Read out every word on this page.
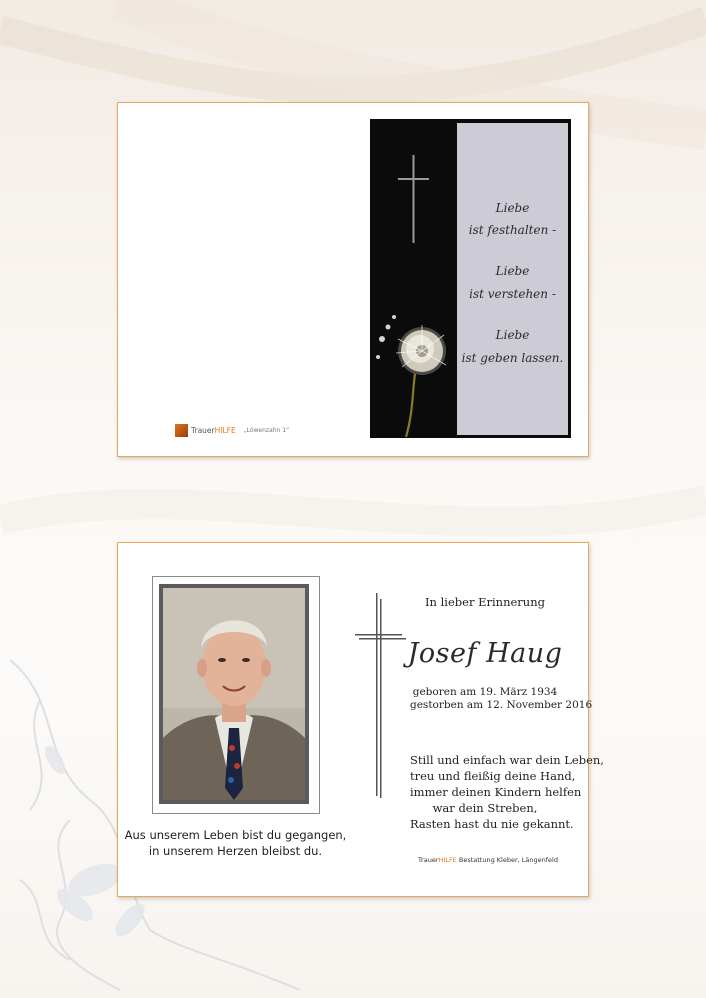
Liebe
ist festhalten -
Liebe
ist verstehen -
Liebe
ist geben lassen.
TrauerHILFE „Löwenzahn 1“
Aus unserem Leben bist du gegangen,
in unserem Herzen bleibst du.
In lieber Erinnerung
Josef Haug
geboren am 19. März 1934
gestorben am 12. November 2016
Still und einfach war dein Leben,
treu und fleißig deine Hand,
immer deinen Kindern helfen
war dein Streben,
Rasten hast du nie gekannt.
TrauerHILFE Bestattung Kleber, Längenfeld
